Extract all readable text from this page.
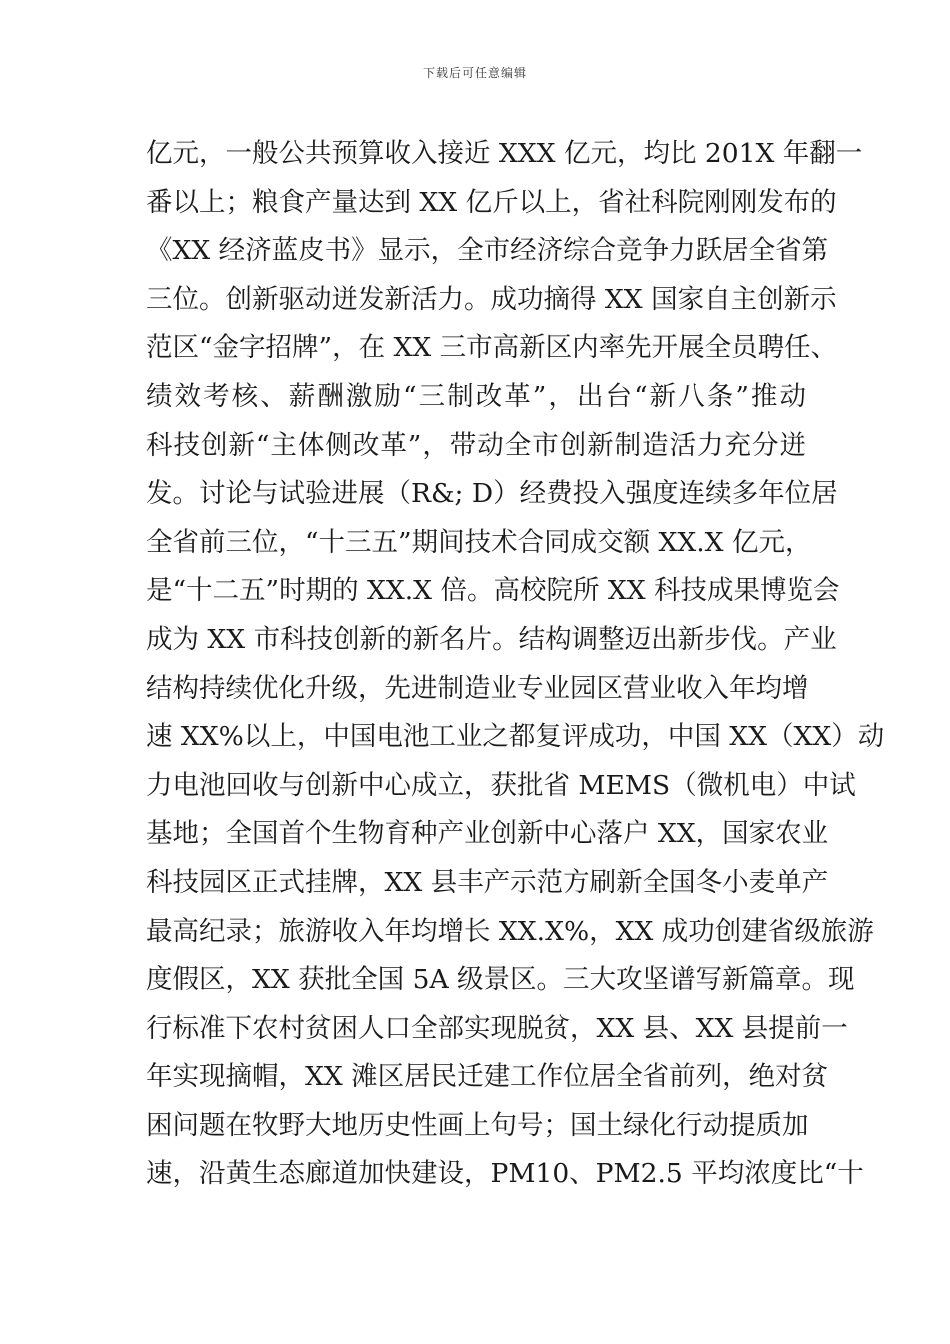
下载后可任意编辑
亿元，一般公共预算收入接近 XXX 亿元，均比 201X 年翻一
番以上；粮食产量达到 XX 亿斤以上，省社科院刚刚发布的
《XX 经济蓝皮书》显示，全市经济综合竞争力跃居全省第
三位。创新驱动迸发新活力。成功摘得 XX 国家自主创新示
范区“金字招牌”，在 XX 三市高新区内率先开展全员聘任、
绩效考核、薪酬激励“三制改革”，出台“新八条”推动
科技创新“主体侧改革”，带动全市创新制造活力充分迸
发。讨论与试验进展（R&; D）经费投入强度连续多年位居
全省前三位，“十三五”期间技术合同成交额 XX.X 亿元，
是“十二五”时期的 XX.X 倍。高校院所 XX 科技成果博览会
成为 XX 市科技创新的新名片。结构调整迈出新步伐。产业
结构持续优化升级，先进制造业专业园区营业收入年均增
速 XX%以上，中国电池工业之都复评成功，中国 XX（XX）动
力电池回收与创新中心成立，获批省 MEMS（微机电）中试
基地；全国首个生物育种产业创新中心落户 XX，国家农业
科技园区正式挂牌，XX 县丰产示范方刷新全国冬小麦单产
最高纪录；旅游收入年均增长 XX.X%，XX 成功创建省级旅游
度假区，XX 获批全国 5A 级景区。三大攻坚谱写新篇章。现
行标准下农村贫困人口全部实现脱贫，XX 县、XX 县提前一
年实现摘帽，XX 滩区居民迁建工作位居全省前列，绝对贫
困问题在牧野大地历史性画上句号；国土绿化行动提质加
速，沿黄生态廊道加快建设，PM10、PM2.5 平均浓度比“十
